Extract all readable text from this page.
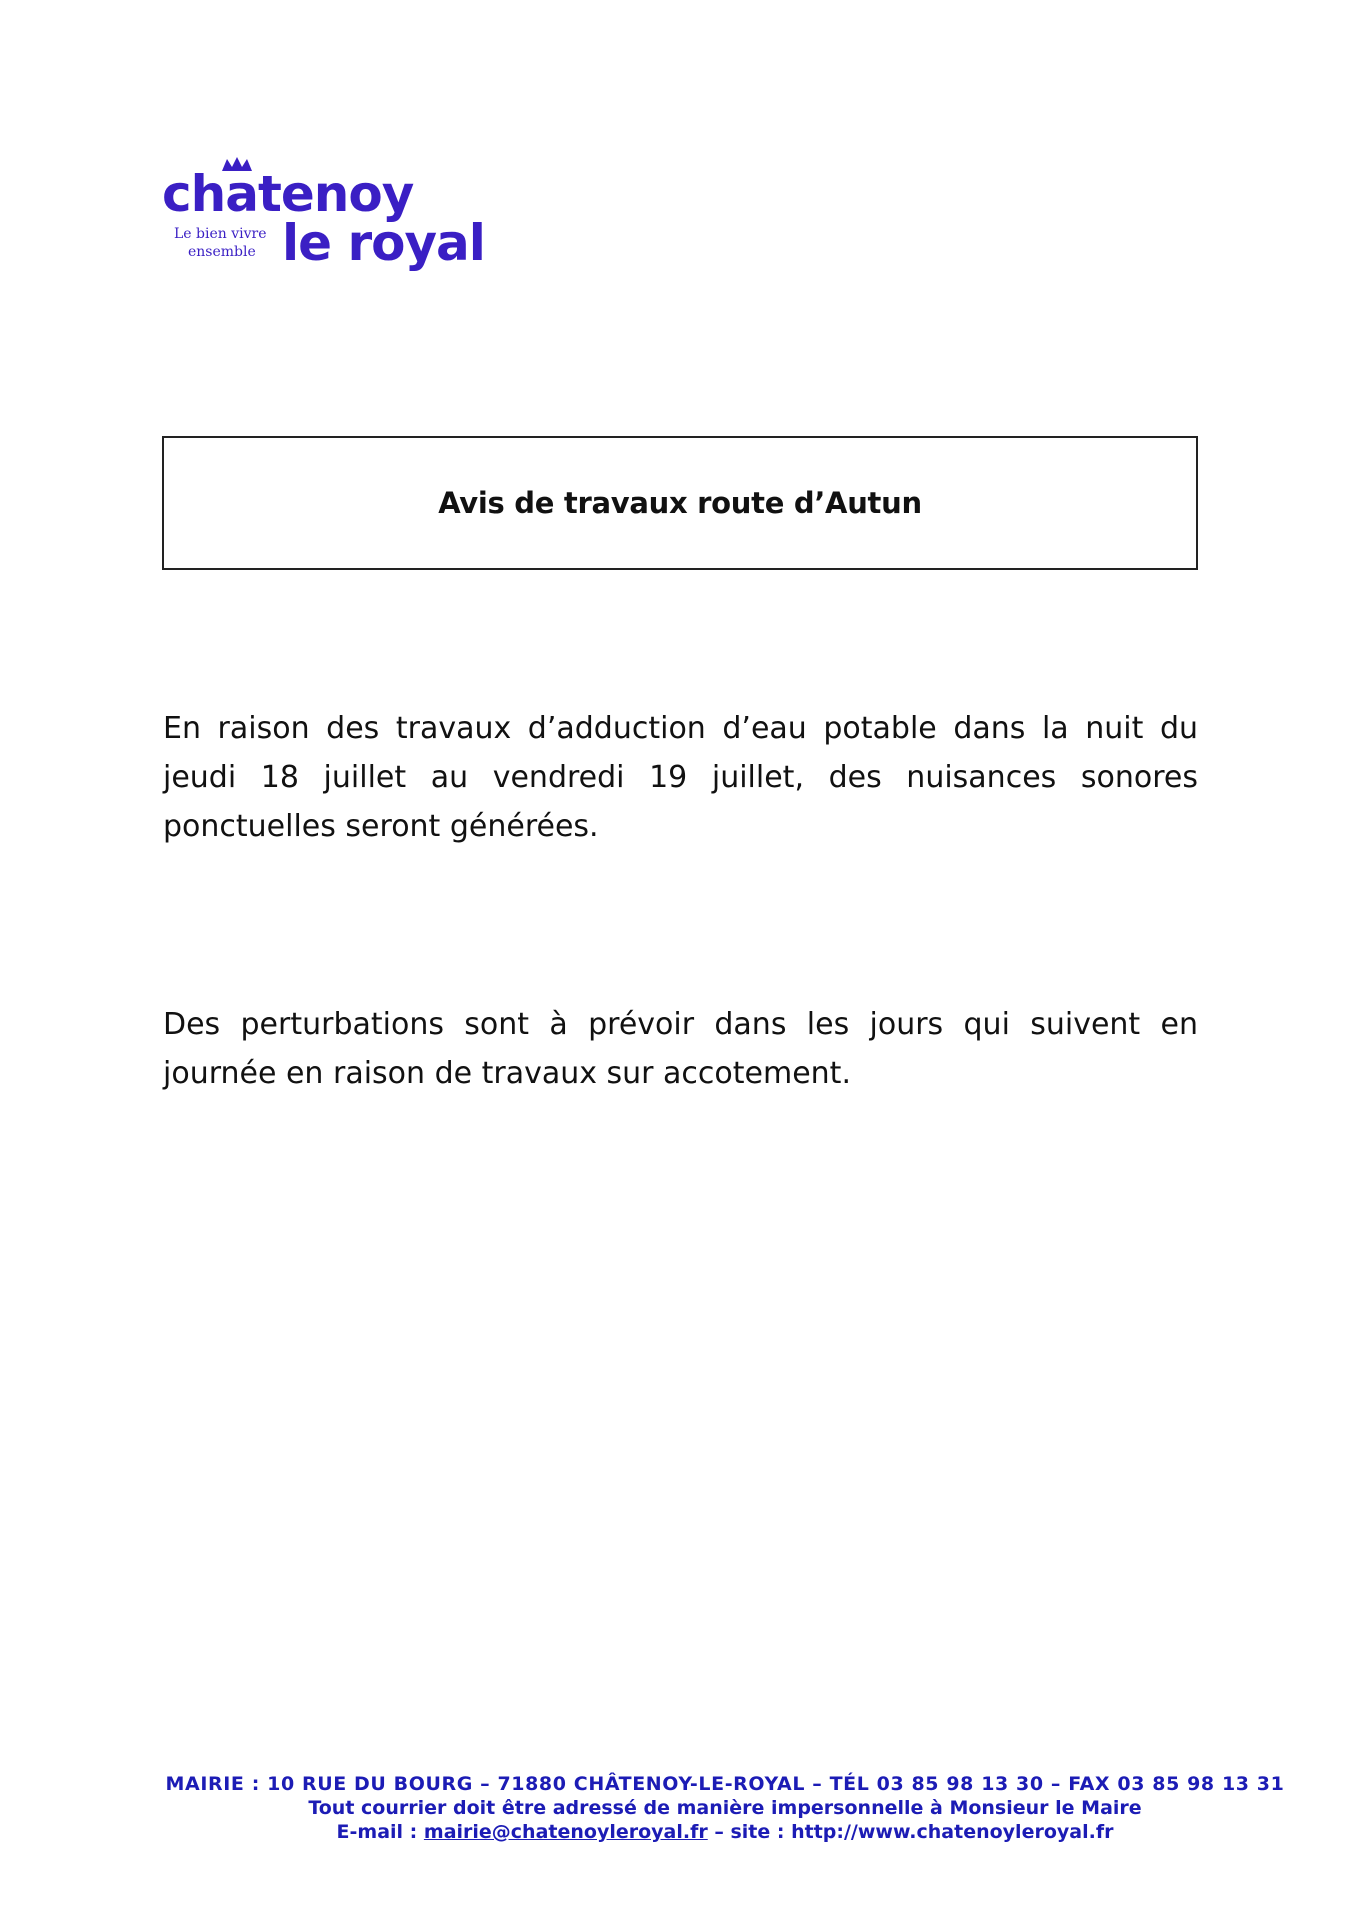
chatenoy
Le bien vivre
ensemble le royal
Avis de travaux route d’Autun

En raison des travaux d’adduction d’eau potable dans la nuit du jeudi 18 juillet au vendredi 19 juillet, des nuisances sonores ponctuelles seront générées.

Des perturbations sont à prévoir dans les jours qui suivent en journée en raison de travaux sur accotement.

MAIRIE : 10 RUE DU BOURG – 71880 CHÂTENOY-LE-ROYAL – TÉL 03 85 98 13 30 – FAX 03 85 98 13 31
Tout courrier doit être adressé de manière impersonnelle à Monsieur le Maire
E-mail : mairie@chatenoyleroyal.fr – site : http://www.chatenoyleroyal.fr
